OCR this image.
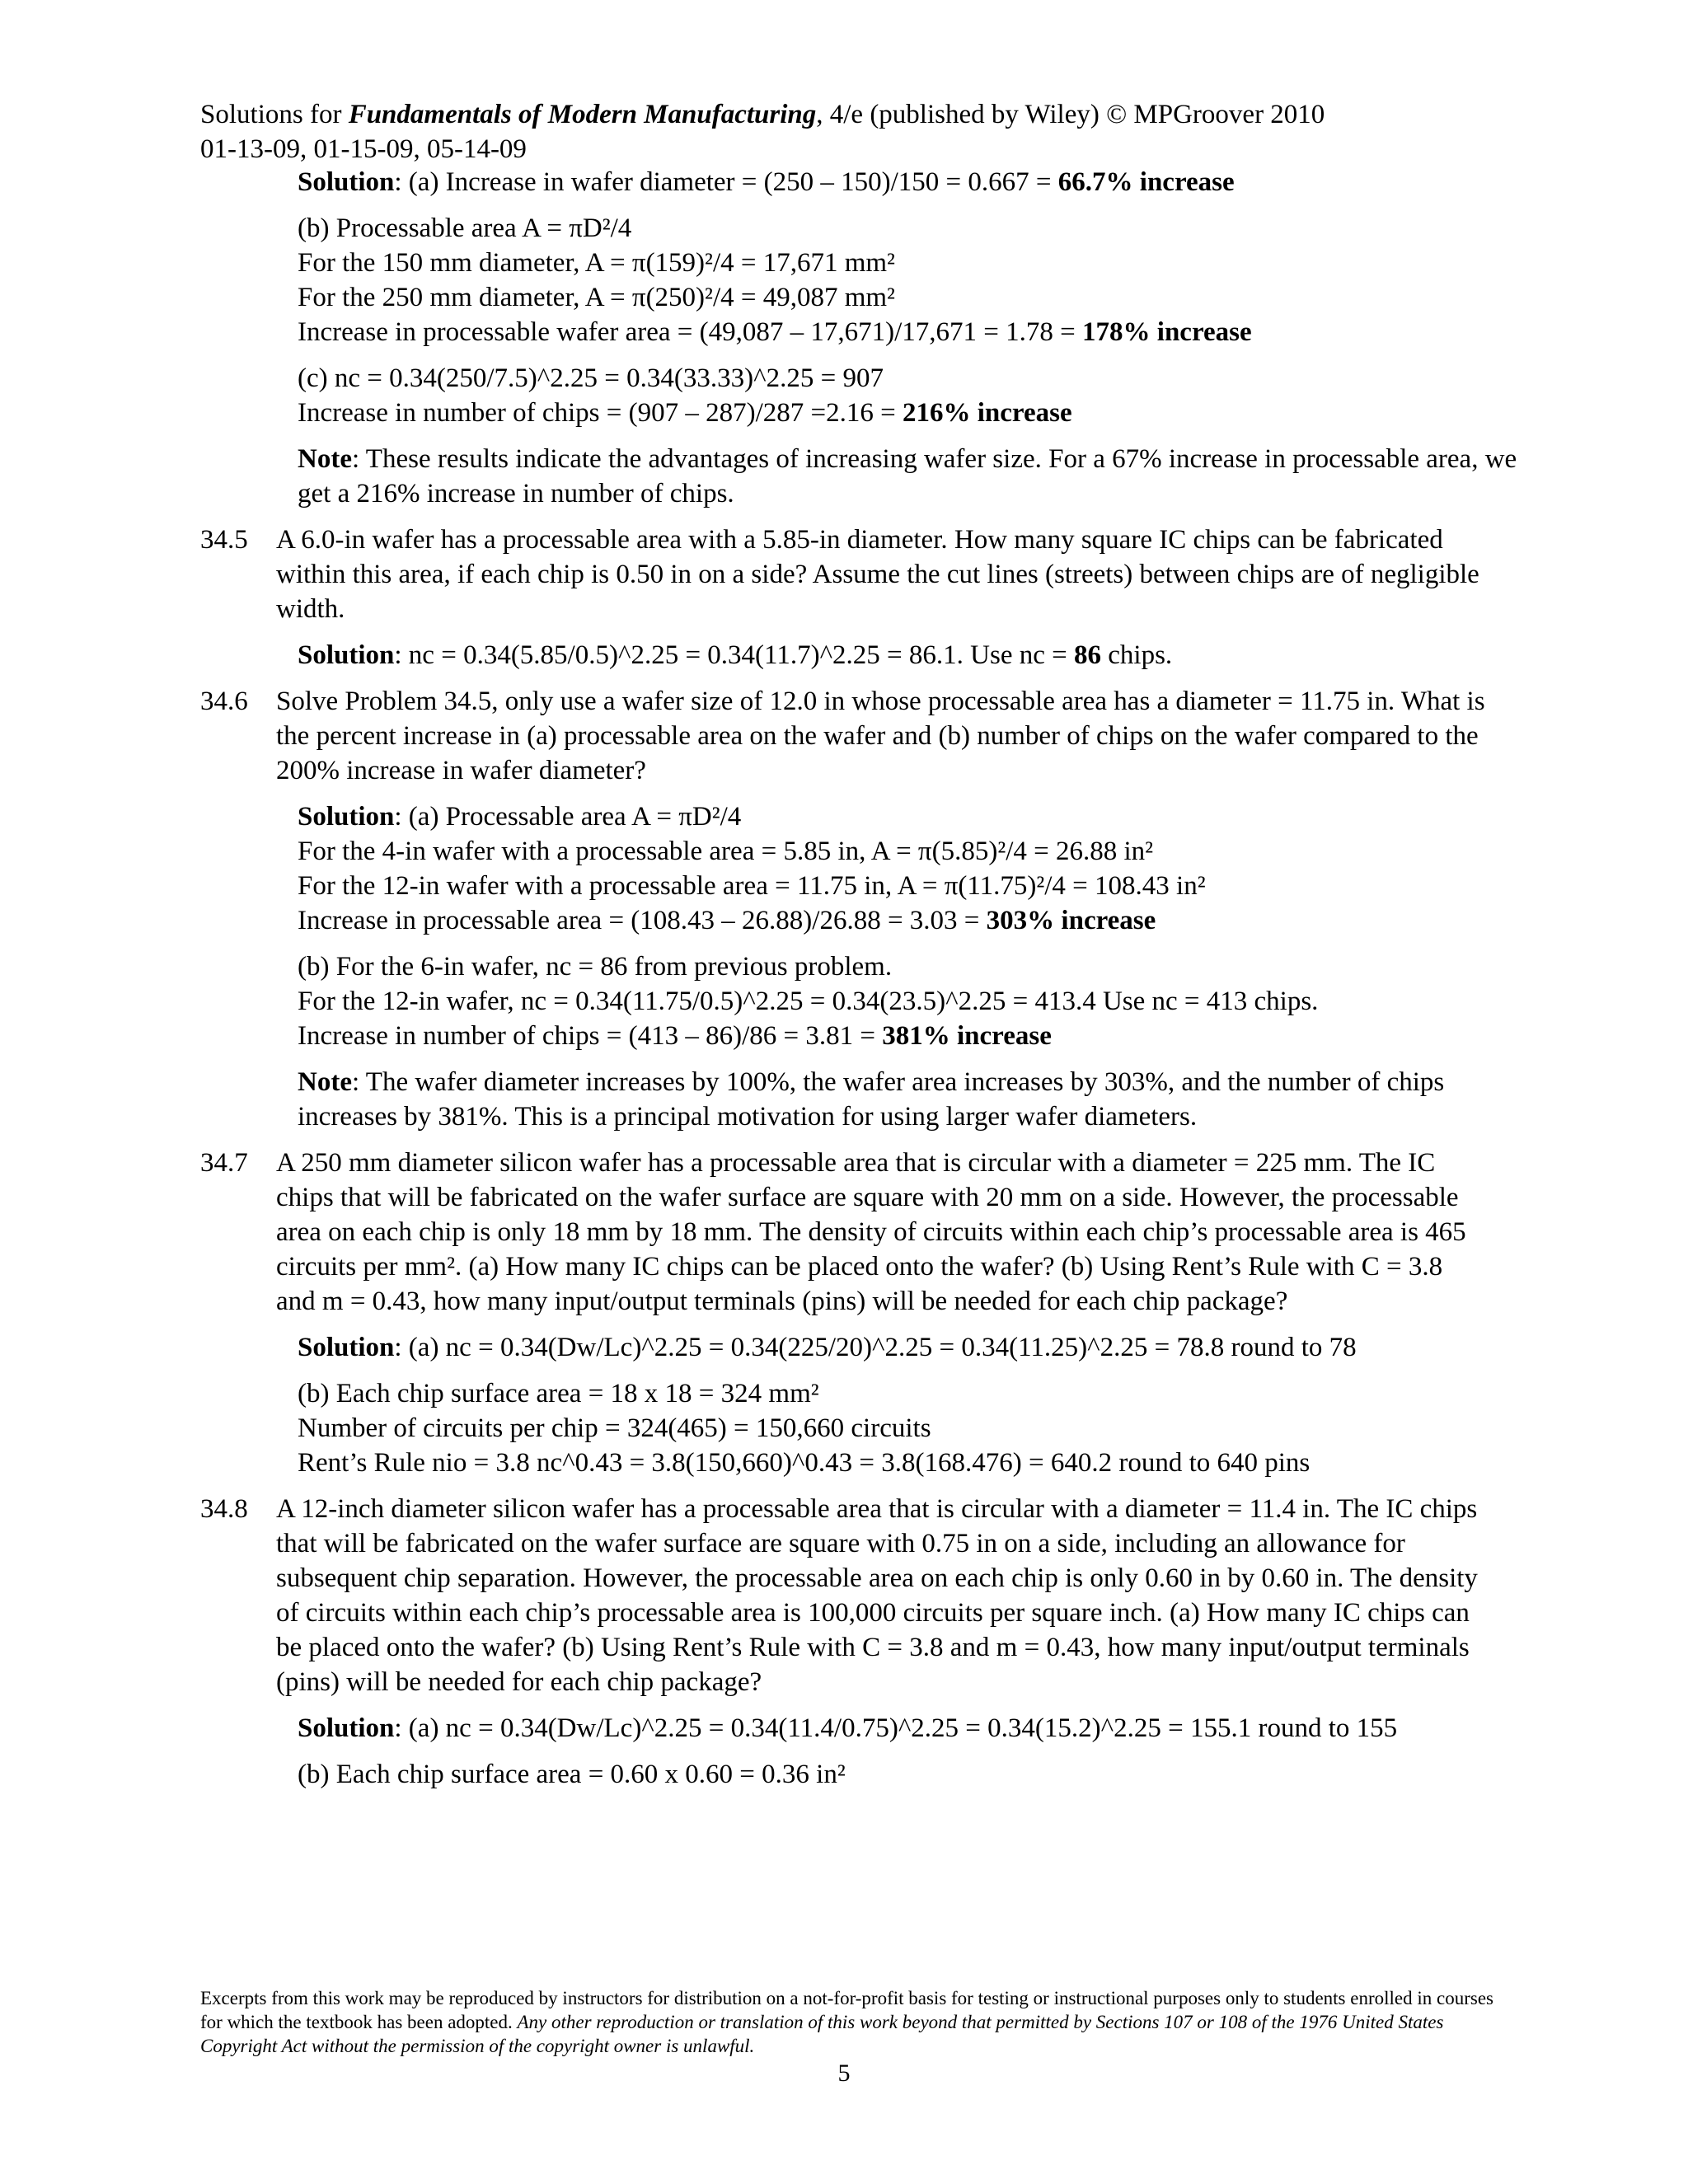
Solutions for Fundamentals of Modern Manufacturing, 4/e (published by Wiley) © MPGroover 2010
01-13-09, 01-15-09, 05-14-09
Solution: (a) Increase in wafer diameter = (250 – 150)/150 = 0.667 = 66.7% increase
(b) Processable area A = πD²/4
For the 150 mm diameter, A = π(159)²/4 = 17,671 mm²
For the 250 mm diameter, A = π(250)²/4 = 49,087 mm²
Increase in processable wafer area = (49,087 – 17,671)/17,671 = 1.78 = 178% increase
(c) nc = 0.34(250/7.5)^2.25 = 0.34(33.33)^2.25 = 907
Increase in number of chips = (907 – 287)/287 =2.16 = 216% increase
Note: These results indicate the advantages of increasing wafer size. For a 67% increase in processable area, we get a 216% increase in number of chips.
34.5 A 6.0-in wafer has a processable area with a 5.85-in diameter. How many square IC chips can be fabricated within this area, if each chip is 0.50 in on a side? Assume the cut lines (streets) between chips are of negligible width.
Solution: nc = 0.34(5.85/0.5)^2.25 = 0.34(11.7)^2.25 = 86.1. Use nc = 86 chips.
34.6 Solve Problem 34.5, only use a wafer size of 12.0 in whose processable area has a diameter = 11.75 in. What is the percent increase in (a) processable area on the wafer and (b) number of chips on the wafer compared to the 200% increase in wafer diameter?
Solution: (a) Processable area A = πD²/4
For the 4-in wafer with a processable area = 5.85 in, A = π(5.85)²/4 = 26.88 in²
For the 12-in wafer with a processable area = 11.75 in, A = π(11.75)²/4 = 108.43 in²
Increase in processable area = (108.43 – 26.88)/26.88 = 3.03 = 303% increase
(b) For the 6-in wafer, nc = 86 from previous problem.
For the 12-in wafer, nc = 0.34(11.75/0.5)^2.25 = 0.34(23.5)^2.25 = 413.4 Use nc = 413 chips.
Increase in number of chips = (413 – 86)/86 = 3.81 = 381% increase
Note: The wafer diameter increases by 100%, the wafer area increases by 303%, and the number of chips increases by 381%. This is a principal motivation for using larger wafer diameters.
34.7 A 250 mm diameter silicon wafer has a processable area that is circular with a diameter = 225 mm. The IC chips that will be fabricated on the wafer surface are square with 20 mm on a side. However, the processable area on each chip is only 18 mm by 18 mm. The density of circuits within each chip’s processable area is 465 circuits per mm². (a) How many IC chips can be placed onto the wafer? (b) Using Rent’s Rule with C = 3.8 and m = 0.43, how many input/output terminals (pins) will be needed for each chip package?
Solution: (a) nc = 0.34(Dw/Lc)^2.25 = 0.34(225/20)^2.25 = 0.34(11.25)^2.25 = 78.8 round to 78
(b) Each chip surface area = 18 x 18 = 324 mm²
Number of circuits per chip = 324(465) = 150,660 circuits
Rent’s Rule nio = 3.8 nc^0.43 = 3.8(150,660)^0.43 = 3.8(168.476) = 640.2 round to 640 pins
34.8 A 12-inch diameter silicon wafer has a processable area that is circular with a diameter = 11.4 in. The IC chips that will be fabricated on the wafer surface are square with 0.75 in on a side, including an allowance for subsequent chip separation. However, the processable area on each chip is only 0.60 in by 0.60 in. The density of circuits within each chip’s processable area is 100,000 circuits per square inch. (a) How many IC chips can be placed onto the wafer? (b) Using Rent’s Rule with C = 3.8 and m = 0.43, how many input/output terminals (pins) will be needed for each chip package?
Solution: (a) nc = 0.34(Dw/Lc)^2.25 = 0.34(11.4/0.75)^2.25 = 0.34(15.2)^2.25 = 155.1 round to 155
(b) Each chip surface area = 0.60 x 0.60 = 0.36 in²
Excerpts from this work may be reproduced by instructors for distribution on a not-for-profit basis for testing or instructional purposes only to students enrolled in courses for which the textbook has been adopted. Any other reproduction or translation of this work beyond that permitted by Sections 107 or 108 of the 1976 United States Copyright Act without the permission of the copyright owner is unlawful.
5
